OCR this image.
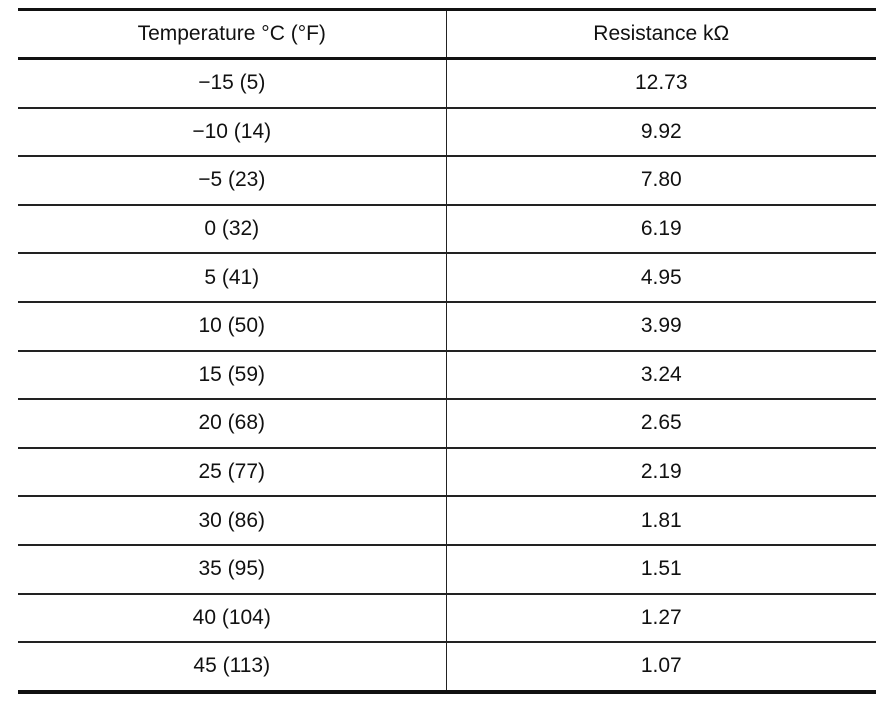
Temperature °C (°F)	Resistance kΩ
−15 (5)	12.73
−10 (14)	9.92
−5 (23)	7.80
0 (32)	6.19
5 (41)	4.95
10 (50)	3.99
15 (59)	3.24
20 (68)	2.65
25 (77)	2.19
30 (86)	1.81
35 (95)	1.51
40 (104)	1.27
45 (113)	1.07
